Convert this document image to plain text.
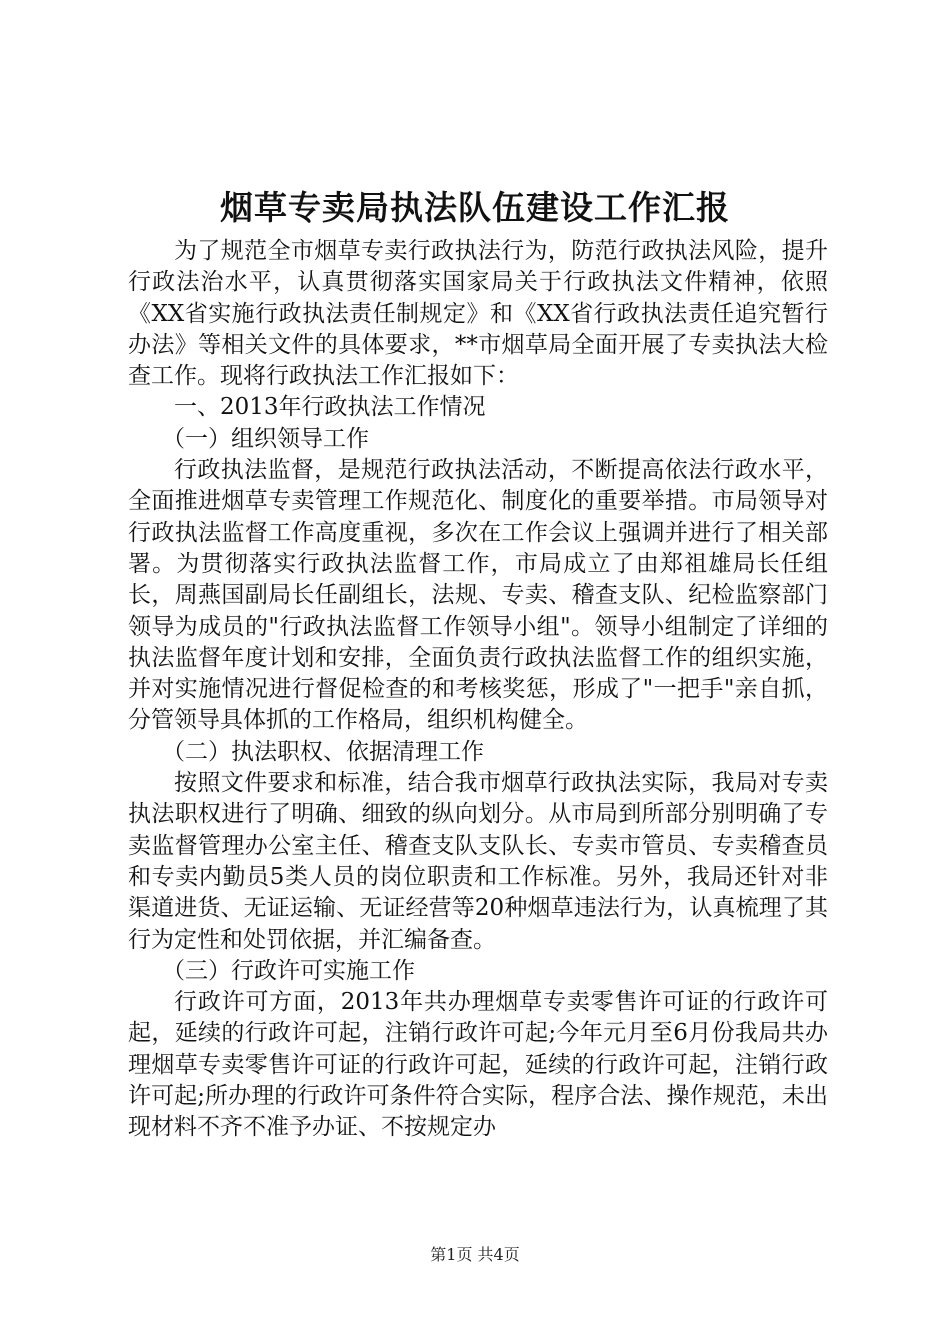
烟草专卖局执法队伍建设工作汇报

为了规范全市烟草专卖行政执法行为，防范行政执法风险，提升行政法治水平，认真贯彻落实国家局关于行政执法文件精神，依照《XX省实施行政执法责任制规定》和《XX省行政执法责任追究暂行办法》等相关文件的具体要求，**市烟草局全面开展了专卖执法大检查工作。现将行政执法工作汇报如下：

一、2013年行政执法工作情况

（一）组织领导工作

行政执法监督，是规范行政执法活动，不断提高依法行政水平，全面推进烟草专卖管理工作规范化、制度化的重要举措。市局领导对行政执法监督工作高度重视，多次在工作会议上强调并进行了相关部署。为贯彻落实行政执法监督工作，市局成立了由郑祖雄局长任组长，周燕国副局长任副组长，法规、专卖、稽查支队、纪检监察部门领导为成员的"行政执法监督工作领导小组"。领导小组制定了详细的执法监督年度计划和安排，全面负责行政执法监督工作的组织实施，并对实施情况进行督促检查的和考核奖惩，形成了"一把手"亲自抓，分管领导具体抓的工作格局，组织机构健全。

（二）执法职权、依据清理工作

按照文件要求和标准，结合我市烟草行政执法实际，我局对专卖执法职权进行了明确、细致的纵向划分。从市局到所部分别明确了专卖监督管理办公室主任、稽查支队支队长、专卖市管员、专卖稽查员和专卖内勤员5类人员的岗位职责和工作标准。另外，我局还针对非渠道进货、无证运输、无证经营等20种烟草违法行为，认真梳理了其行为定性和处罚依据，并汇编备查。

（三）行政许可实施工作

行政许可方面，2013年共办理烟草专卖零售许可证的行政许可起，延续的行政许可起，注销行政许可起;今年元月至6月份我局共办理烟草专卖零售许可证的行政许可起，延续的行政许可起，注销行政许可起;所办理的行政许可条件符合实际，程序合法、操作规范，未出现材料不齐不准予办证、不按规定办

第1页 共4页
